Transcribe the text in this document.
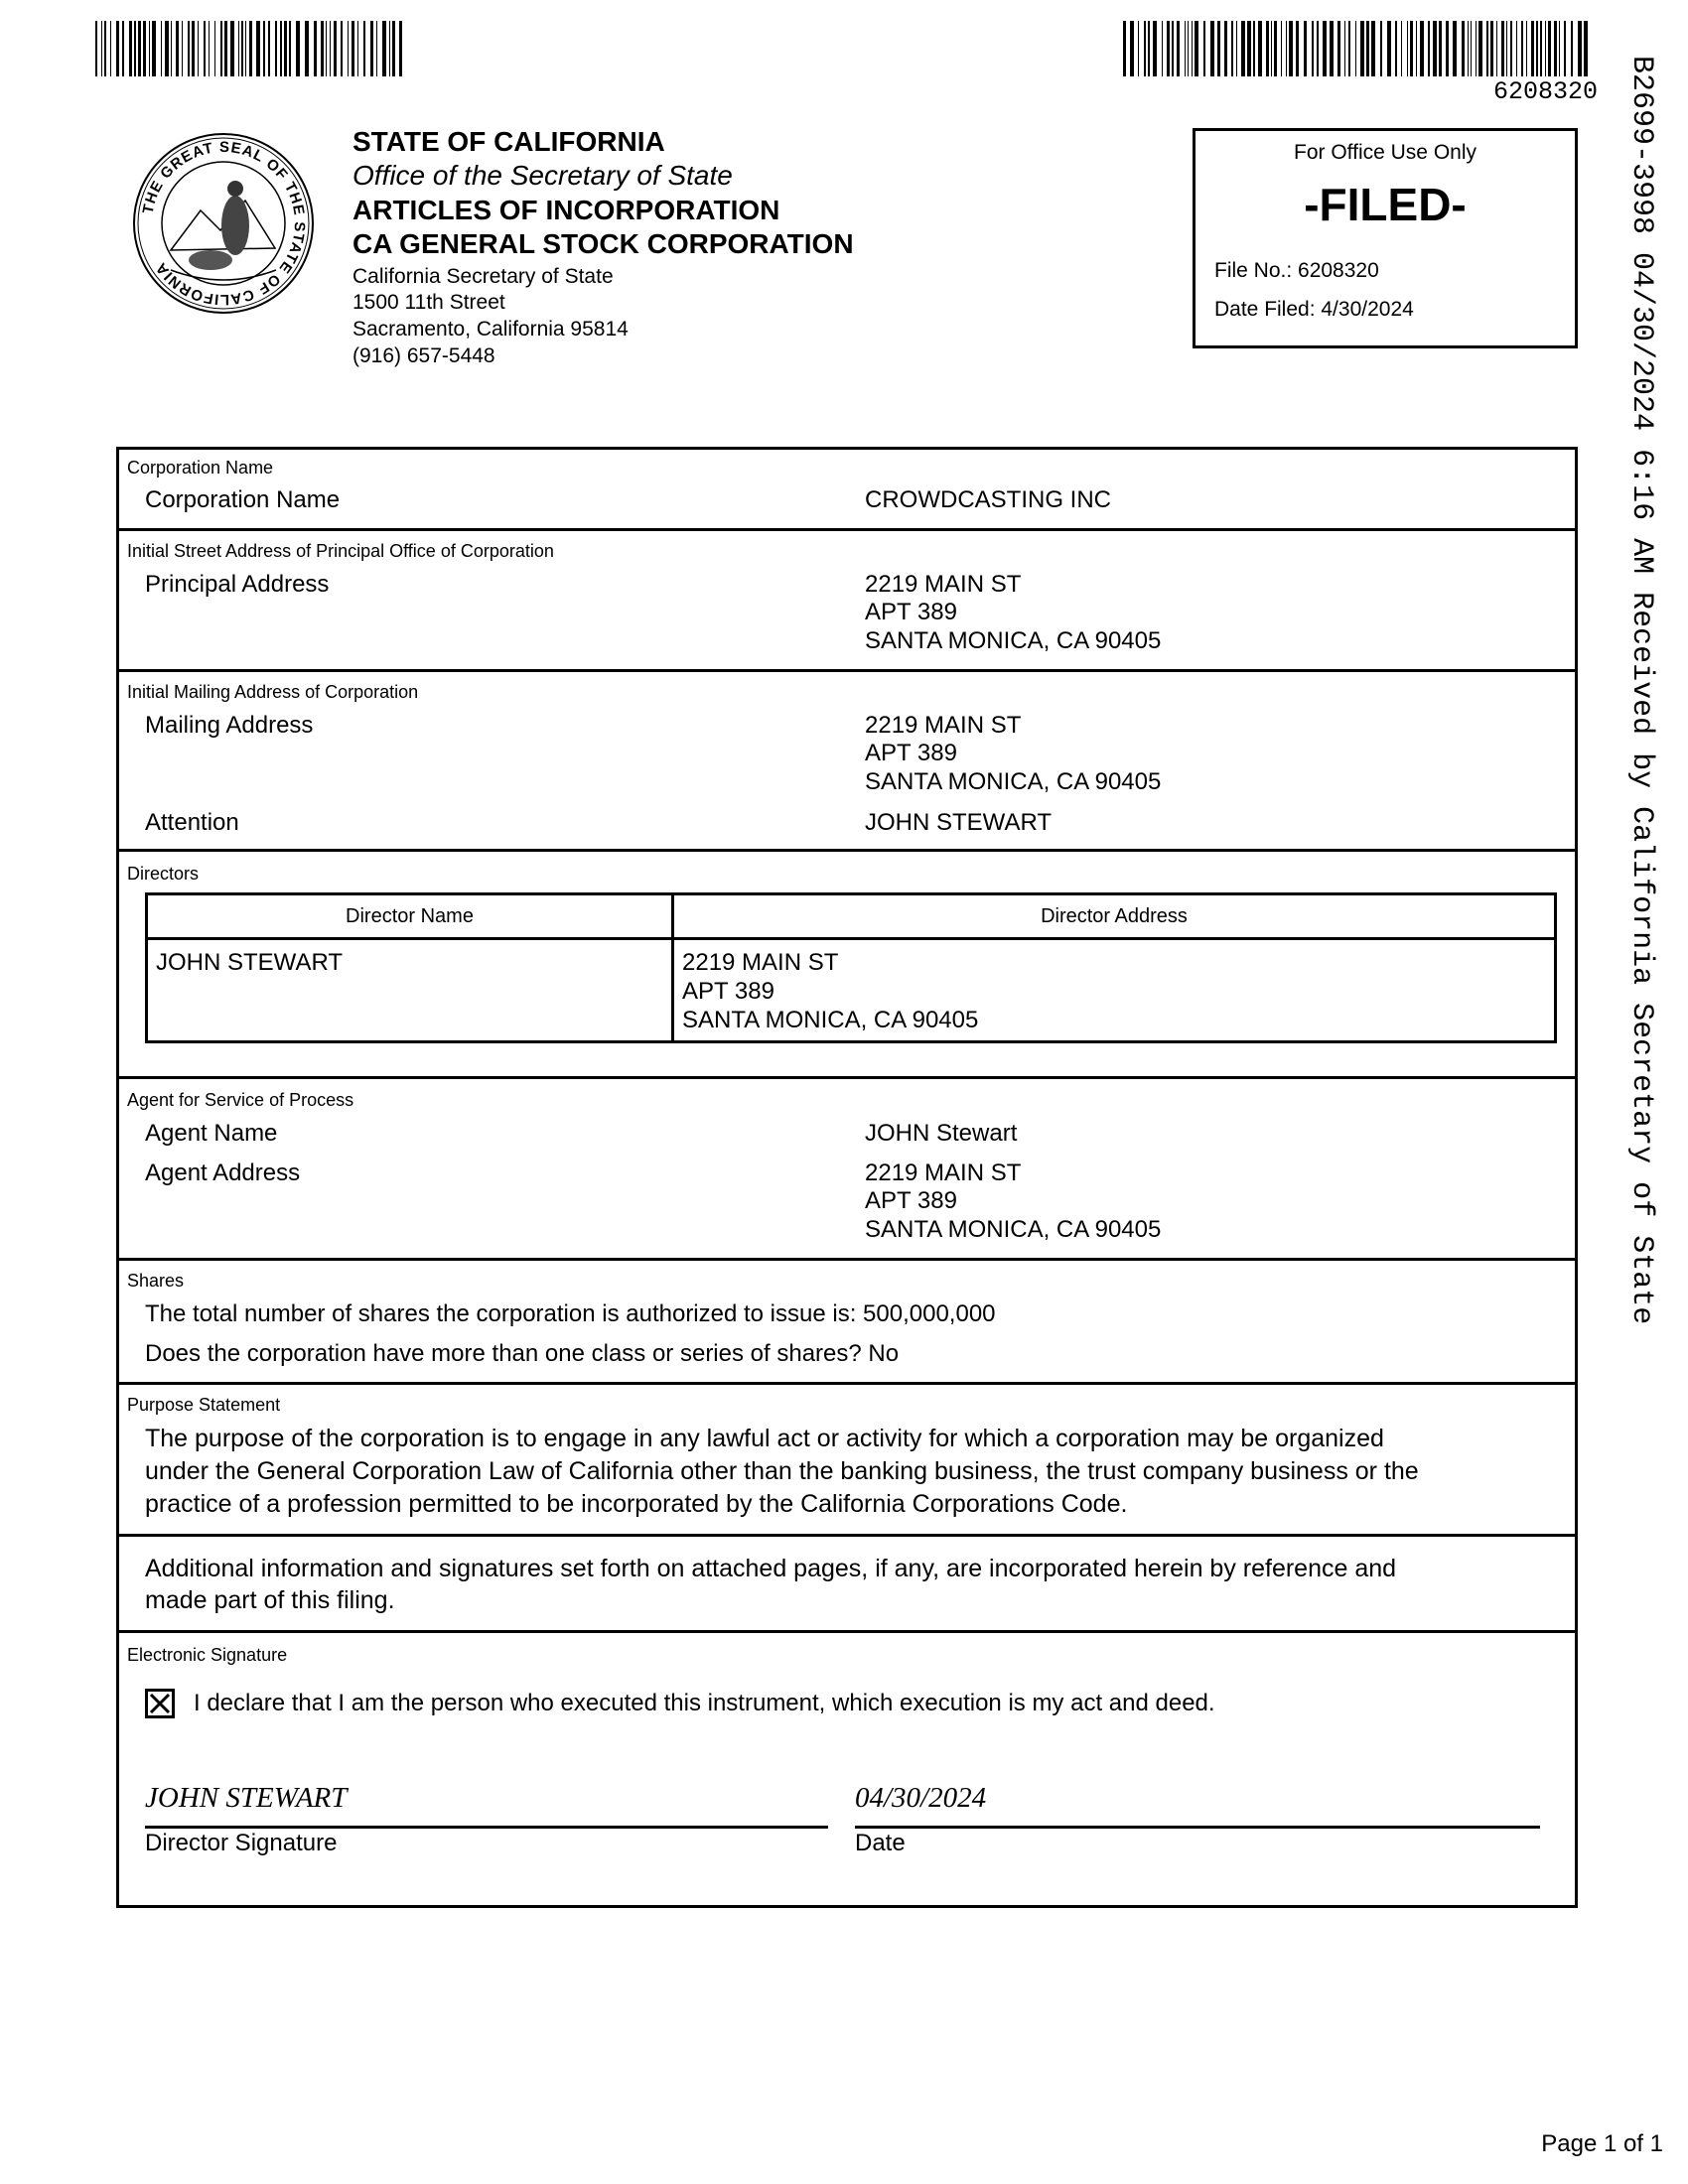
6208320
THE GREAT SEAL OF THE STATE OF CALIFORNIA
STATE OF CALIFORNIA
Office of the Secretary of State
ARTICLES OF INCORPORATION
CA GENERAL STOCK CORPORATION
California Secretary of State
1500 11th Street
Sacramento, California 95814
(916) 657-5448
For Office Use Only
-FILED-
File No.: 6208320
Date Filed: 4/30/2024	B2699-3998 04/30/2024 6:16 AM Received by California Secretary of State
Corporation Name
Corporation Name	CROWDCASTING INC
Initial Street Address of Principal Office of Corporation
Principal Address	2219 MAIN ST
APT 389
SANTA MONICA, CA 90405
Initial Mailing Address of Corporation
Mailing Address	2219 MAIN ST
APT 389
SANTA MONICA, CA 90405
Attention	JOHN STEWART
Directors
Director Name	Director Address
JOHN STEWART	2219 MAIN ST
APT 389
SANTA MONICA, CA 90405
Agent for Service of Process
Agent Name	JOHN Stewart
Agent Address	2219 MAIN ST
APT 389
SANTA MONICA, CA 90405
Shares
The total number of shares the corporation is authorized to issue is: 500,000,000
Does the corporation have more than one class or series of shares? No
Purpose Statement
The purpose of the corporation is to engage in any lawful act or activity for which a corporation may be organized
under the General Corporation Law of California other than the banking business, the trust company business or the
practice of a profession permitted to be incorporated by the California Corporations Code.
Additional information and signatures set forth on attached pages, if any, are incorporated herein by reference and
made part of this filing.
Electronic Signature
I declare that I am the person who executed this instrument, which execution is my act and deed.
JOHN STEWART	04/30/2024
Director Signature	Date
Page 1 of 1
